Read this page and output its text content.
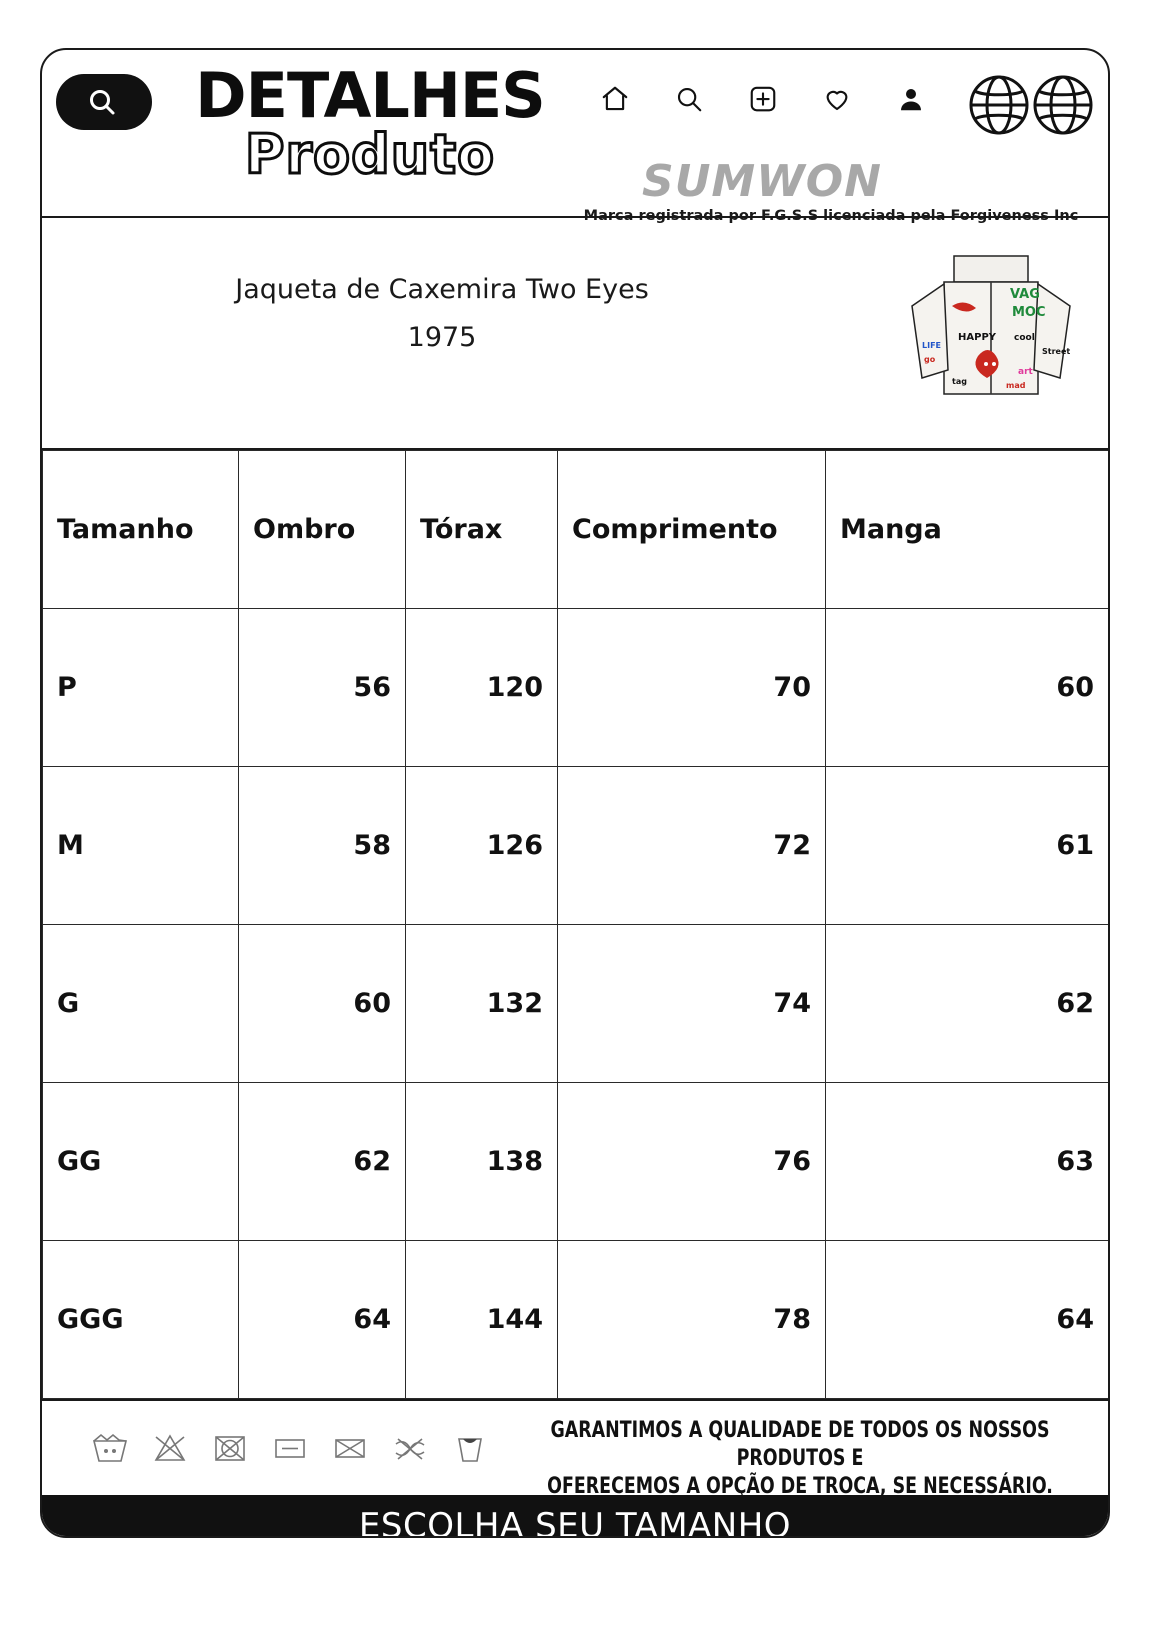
DETALHES
Produto	SUMWON
Marca registrada por F.G.S.S licenciada pela Forgiveness Inc
Jaqueta de Caxemira Two Eyes
1975
VAG
MOC
HAPPY cool
LIFE
go
art
Street
tag	mad
Tamanho	Ombro	Tórax	Comprimento	Manga
P	56	120	70	60
M	58	126	72	61
G	60	132	74	62
GG	62	138	76	63
GGG	64	144	78	64
GARANTIMOS A QUALIDADE DE TODOS OS NOSSOS PRODUTOS E
OFERECEMOS A OPÇÃO DE TROCA, SE NECESSÁRIO.
ESCOLHA SEU TAMANHO
